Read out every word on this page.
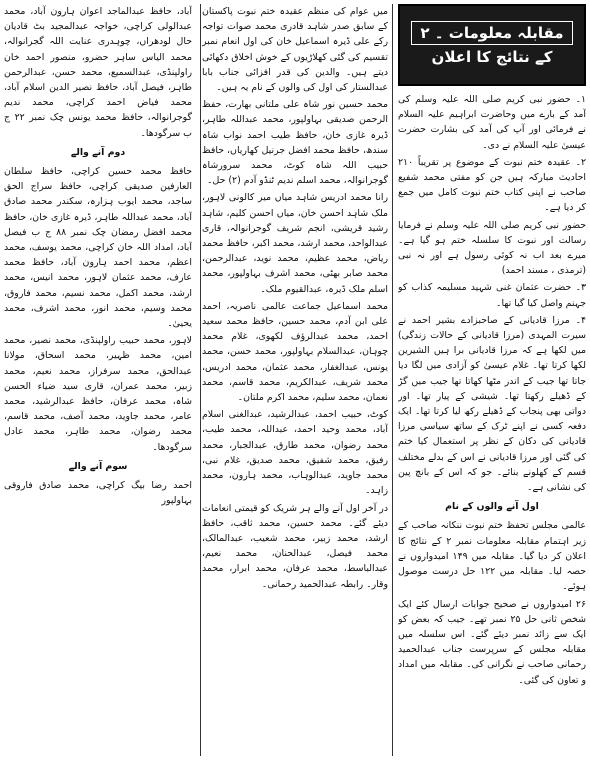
مقابلہ معلومات ۔ ۲
کے نتائج کا اعلان

۱۔ حضور نبی کریم صلی اللہ علیہ وسلم کی آمد کے بارے میں وحاضرت ابراہیم علیہ السلام نے فرمائی اور آپ کی آمد کی بشارت حضرت عیسیٰ علیہ السلام نے دی۔

۲۔ عقیدہ ختم نبوت کے موضوع پر تقریباً ۲۱۰ احادیث مبارکہ ہیں جن کو مفتی محمد شفیع صاحب نے اپنی کتاب ختم نبوت کامل میں جمع کر دیا ہے۔

حضور نبی کریم صلی اللہ علیہ وسلم نے فرمایا رسالت اور نبوت کا سلسلہ ختم ہو گیا ہے۔ میرے بعد اب نہ کوئی رسول ہے اور نہ نبی (ترمذی ، مسند احمد)

۳۔ حضرت عثمان غنی شہید مسلیمہ کذاب کو جہنم واصل کیا گیا تھا۔

۴۔ مرزا قادیانی کے صاحبزادے بشیر احمد نے سیرت المہدی (مرزا قادیانی کے حالات زندگی) میں لکھا ہے کہ مرزا قادیانی برا ہیں الشیرین لکھا کرتا تھا۔ غلام عیسیٰ کو آزادی میں لگا دیا جاتا تھا جیب کے اندر مٹھا کھاتا تھا جیب میں گڑ کے ڈھیلے رکھتا تھا۔ شیشی کے پیار تھا۔ اور دواتی بھی پنجاب کے ڈھیلے رکھ لیا کرتا تھا۔ ایک دفعہ کسی نے اپنے ٹرک کے ساتھ سیاسی مرزا قادیانی کی دکان کے نظر پر استعمال کیا ختم کی گئی اور مرزا قادیانی نے اس کے بدلے مختلف قسم کے کھلونے بنائے۔ جو کہ اس کے بانچ پین کی نشانی ہے۔

اول آنے والوں کے نام

عالمی مجلس تحفظ ختم نبوت ننکانہ صاحب کے زیر اہتمام مقابلہ معلومات نمبر ۲ کے نتائج کا اعلان کر دیا گیا۔ مقابلہ میں ۱۴۹ امیدواروں نے حصہ لیا۔ مقابلہ میں ۱۲۲ حل درست موصول ہوئے۔

۲۶ امیدواروں نے صحیح جوابات ارسال کئے ایک شخص ثانی حل ۲۵ نمبر تھے۔ جیب کہ بعض کو ایک سے زائد نمبر دیئے گئے۔ اس سلسلہ میں مقابلہ مجلس کے سرپرست جناب عبدالحمید رحمانی صاحب نے نگرانی کی۔ مقابلہ میں امداد و تعاون کی گئی۔

میں عوام کی منظم عقیدہ ختم نبوت پاکستان کے سابق صدر شاہد قادری محمد صوات تواجہ رکے علی ڈیرہ اسماعیل خان کی اول انعام نمبر تقسیم کی گئی کھلاڑیوں کے خوش اخلاق دکھائی دیتے ہیں۔ والدین کی قدر افزائی جناب بابا عبدالستار کی اول کی والوں کے نام یہ ہیں۔

محمد حسین نور شاہ علی ملتانی بھارت، حفظ الرحمن صدیقی بہاولپور، محمد عبداللہ طاہر، ڈیرہ غازی خان، حافظ طیب احمد نواب شاہ سندھ، حافظ محمد افضل جرنیل کھاریاں، حافظ حبیب اللہ شاہ کوٹ، محمد سرورشاہ گوجرانوالہ، محمد اسلم ندیم ٹنڈو آدم (۲) حل۔

رانا محمد ادریس شاہد میاں میر کالونی لاہور، ملک شاہد احسن خان، میاں احسن کلیم، شاہد رشید قریشی، انجم شریف گوجرانوالہ، قاری عبدالواحد، محمد ارشد، محمد اکبر، حافظ محمد ریاض، محمد عظیم، محمد نوید، عبدالرحمن، محمد صابر بھٹی، محمد اشرف بہاولپور، محمد اسلم ملک ڈیرہ، عبدالقیوم ملک۔

محمد اسماعیل جماعت عالمی ناصریہ، احمد علی ابن آدم، محمد حسین، حافظ محمد سعید احمد، محمد عبدالرؤف لکھوی، غلام محمد چوہان، عبدالسلام بہاولپور، محمد حسن، محمد یونس، عبدالغفار، محمد عثمان، محمد ادریس، محمد شریف، عبدالکریم، محمد قاسم، محمد نعمان، محمد سلیم، محمد اکرم ملتان۔

کوٹ، حبیب احمد، عبدالرشید، عبدالغنی اسلام آباد، محمد وحید احمد، عبداللہ، محمد طیب، محمد رضوان، محمد طارق، عبدالجبار، محمد رفیق، محمد شفیق، محمد صدیق، غلام نبی، محمد جاوید، عبدالوہاب، محمد ہارون، محمد زاہد۔

در آخر اول آنے والے ہر شریک کو قیمتی انعامات دیئے گئے۔ محمد حسین، محمد ثاقب، حافظ ارشد، محمد زبیر، محمد شعیب، عبدالمالک، محمد فیصل، عبدالحنان، محمد نعیم، عبدالباسط، محمد عرفان، محمد ابرار، محمد وقار۔ رابطہ عبدالحمید رحمانی۔

آباد، حافظ عبدالماجد اعوان ہارون آباد، محمد عبدالولی کراچی، خواجہ عبدالمجید بٹ قادیان حال لودھراں، چوہدری عنایت اللہ گجرانوالہ، محمد الیاس ساہر حضرو، منصور احمد خان راولپنڈی، عبدالسمیع، محمد حسن، عبدالرحمن طاہر، فیصل آباد، حافظ نصیر الدین اسلام آباد، محمد فیاض احمد کراچی، محمد ندیم گوجرانوالہ، حافظ محمد یونس چک نمبر ۲۲ ج ب سرگودھا۔

دوم آنے والے

حافظ محمد حسین کراچی، حافظ سلطان العارفین صدیقی کراچی، حافظ سراج الحق ساجد، محمد ایوب ہزارہ، سکندر محمد صادق آباد، محمد عبداللہ طاہر، ڈیرہ غازی خان، حافظ محمد افضل رمضان چک نمبر ۸۸ ج ب فیصل آباد، امداد اللہ خان کراچی، محمد یوسف، محمد اعظم، محمد احمد ہارون آباد، حافظ محمد عارف، محمد عثمان لاہور، محمد انیس، محمد ارشد، محمد اکمل، محمد نسیم، محمد فاروق، محمد وسیم، محمد انور، محمد اشرف، محمد یحییٰ۔

لاہور، محمد حبیب راولپنڈی، محمد نصیر، محمد امین، محمد ظہیر، محمد اسحاق، مولانا عبدالحق، محمد سرفراز، محمد نعیم، محمد زبیر، محمد عمران، قاری سید ضیاء الحسن شاہ، محمد عرفان، حافظ عبدالرشید، محمد عامر، محمد جاوید، محمد آصف، محمد قاسم، محمد رضوان، محمد طاہر، محمد عادل سرگودھا۔

سوم آنے والے

احمد رضا بیگ کراچی، محمد صادق فاروقی بہاولپور
